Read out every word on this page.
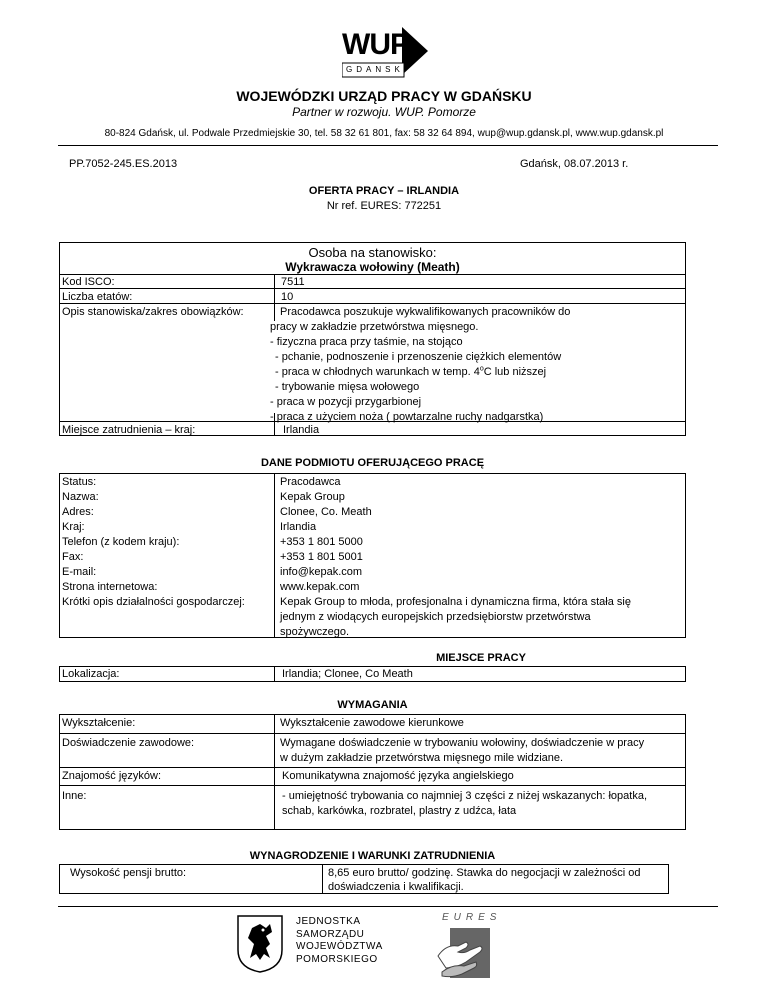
WUP
GDANSK
WOJEWÓDZKI URZĄD PRACY W GDAŃSKU
Partner w rozwoju. WUP. Pomorze
80-824 Gdańsk, ul. Podwale Przedmiejskie 30, tel. 58 32 61 801, fax: 58 32 64 894, wup@wup.gdansk.pl, www.wup.gdansk.pl
PP.7052-245.ES.2013	Gdańsk, 08.07.2013 r.
OFERTA PRACY – IRLANDIA
Nr ref. EURES: 772251
Osoba na stanowisko:
Wykrawacza wołowiny (Meath)
Kod ISCO:	7511
Liczba etatów:	10
Opis stanowiska/zakres obowiązków:	Pracodawca poszukuje wykwalifikowanych pracowników do
pracy w zakładzie przetwórstwa mięsnego.
- fizyczna praca przy taśmie, na stojąco
- pchanie, podnoszenie i przenoszenie ciężkich elementów
- praca w chłodnych warunkach w temp. 4$^o$C lub niższej
- trybowanie mięsa wołowego
- praca w pozycji przygarbionej
- praca z użyciem noża ( powtarzalne ruchy nadgarstka)
Miejsce zatrudnienia – kraj:	Irlandia
DANE PODMIOTU OFERUJĄCEGO PRACĘ
Status:	Pracodawca
Nazwa:	Kepak Group
Adres:	Clonee, Co. Meath
Kraj:	Irlandia
Telefon (z kodem kraju):	+353 1 801 5000
Fax:	+353 1 801 5001
E-mail:	info@kepak.com
Strona internetowa:	www.kepak.com
Krótki opis działalności gospodarczej:	Kepak Group to młoda, profesjonalna i dynamiczna firma, która stała się
jednym z wiodących europejskich przedsiębiorstw przetwórstwa
spożywczego.
MIEJSCE PRACY
Lokalizacja:	Irlandia; Clonee, Co Meath
WYMAGANIA
Wykształcenie:	Wykształcenie zawodowe kierunkowe
Doświadczenie zawodowe:	Wymagane doświadczenie w trybowaniu wołowiny, doświadczenie w pracy
w dużym zakładzie przetwórstwa mięsnego mile widziane.
Znajomość języków:	Komunikatywna znajomość języka angielskiego
Inne:	- umiejętność trybowania co najmniej 3 części z niżej wskazanych: łopatka,
schab, karkówka, rozbratel, plastry z udźca, łata
WYNAGRODZENIE I WARUNKI ZATRUDNIENIA
Wysokość pensji brutto:	8,65 euro brutto/ godzinę. Stawka do negocjacji w zależności od
doświadczenia i kwalifikacji.
JEDNOSTKA
SAMORZĄDU
WOJEWÓDZTWA
POMORSKIEGO
EURES
